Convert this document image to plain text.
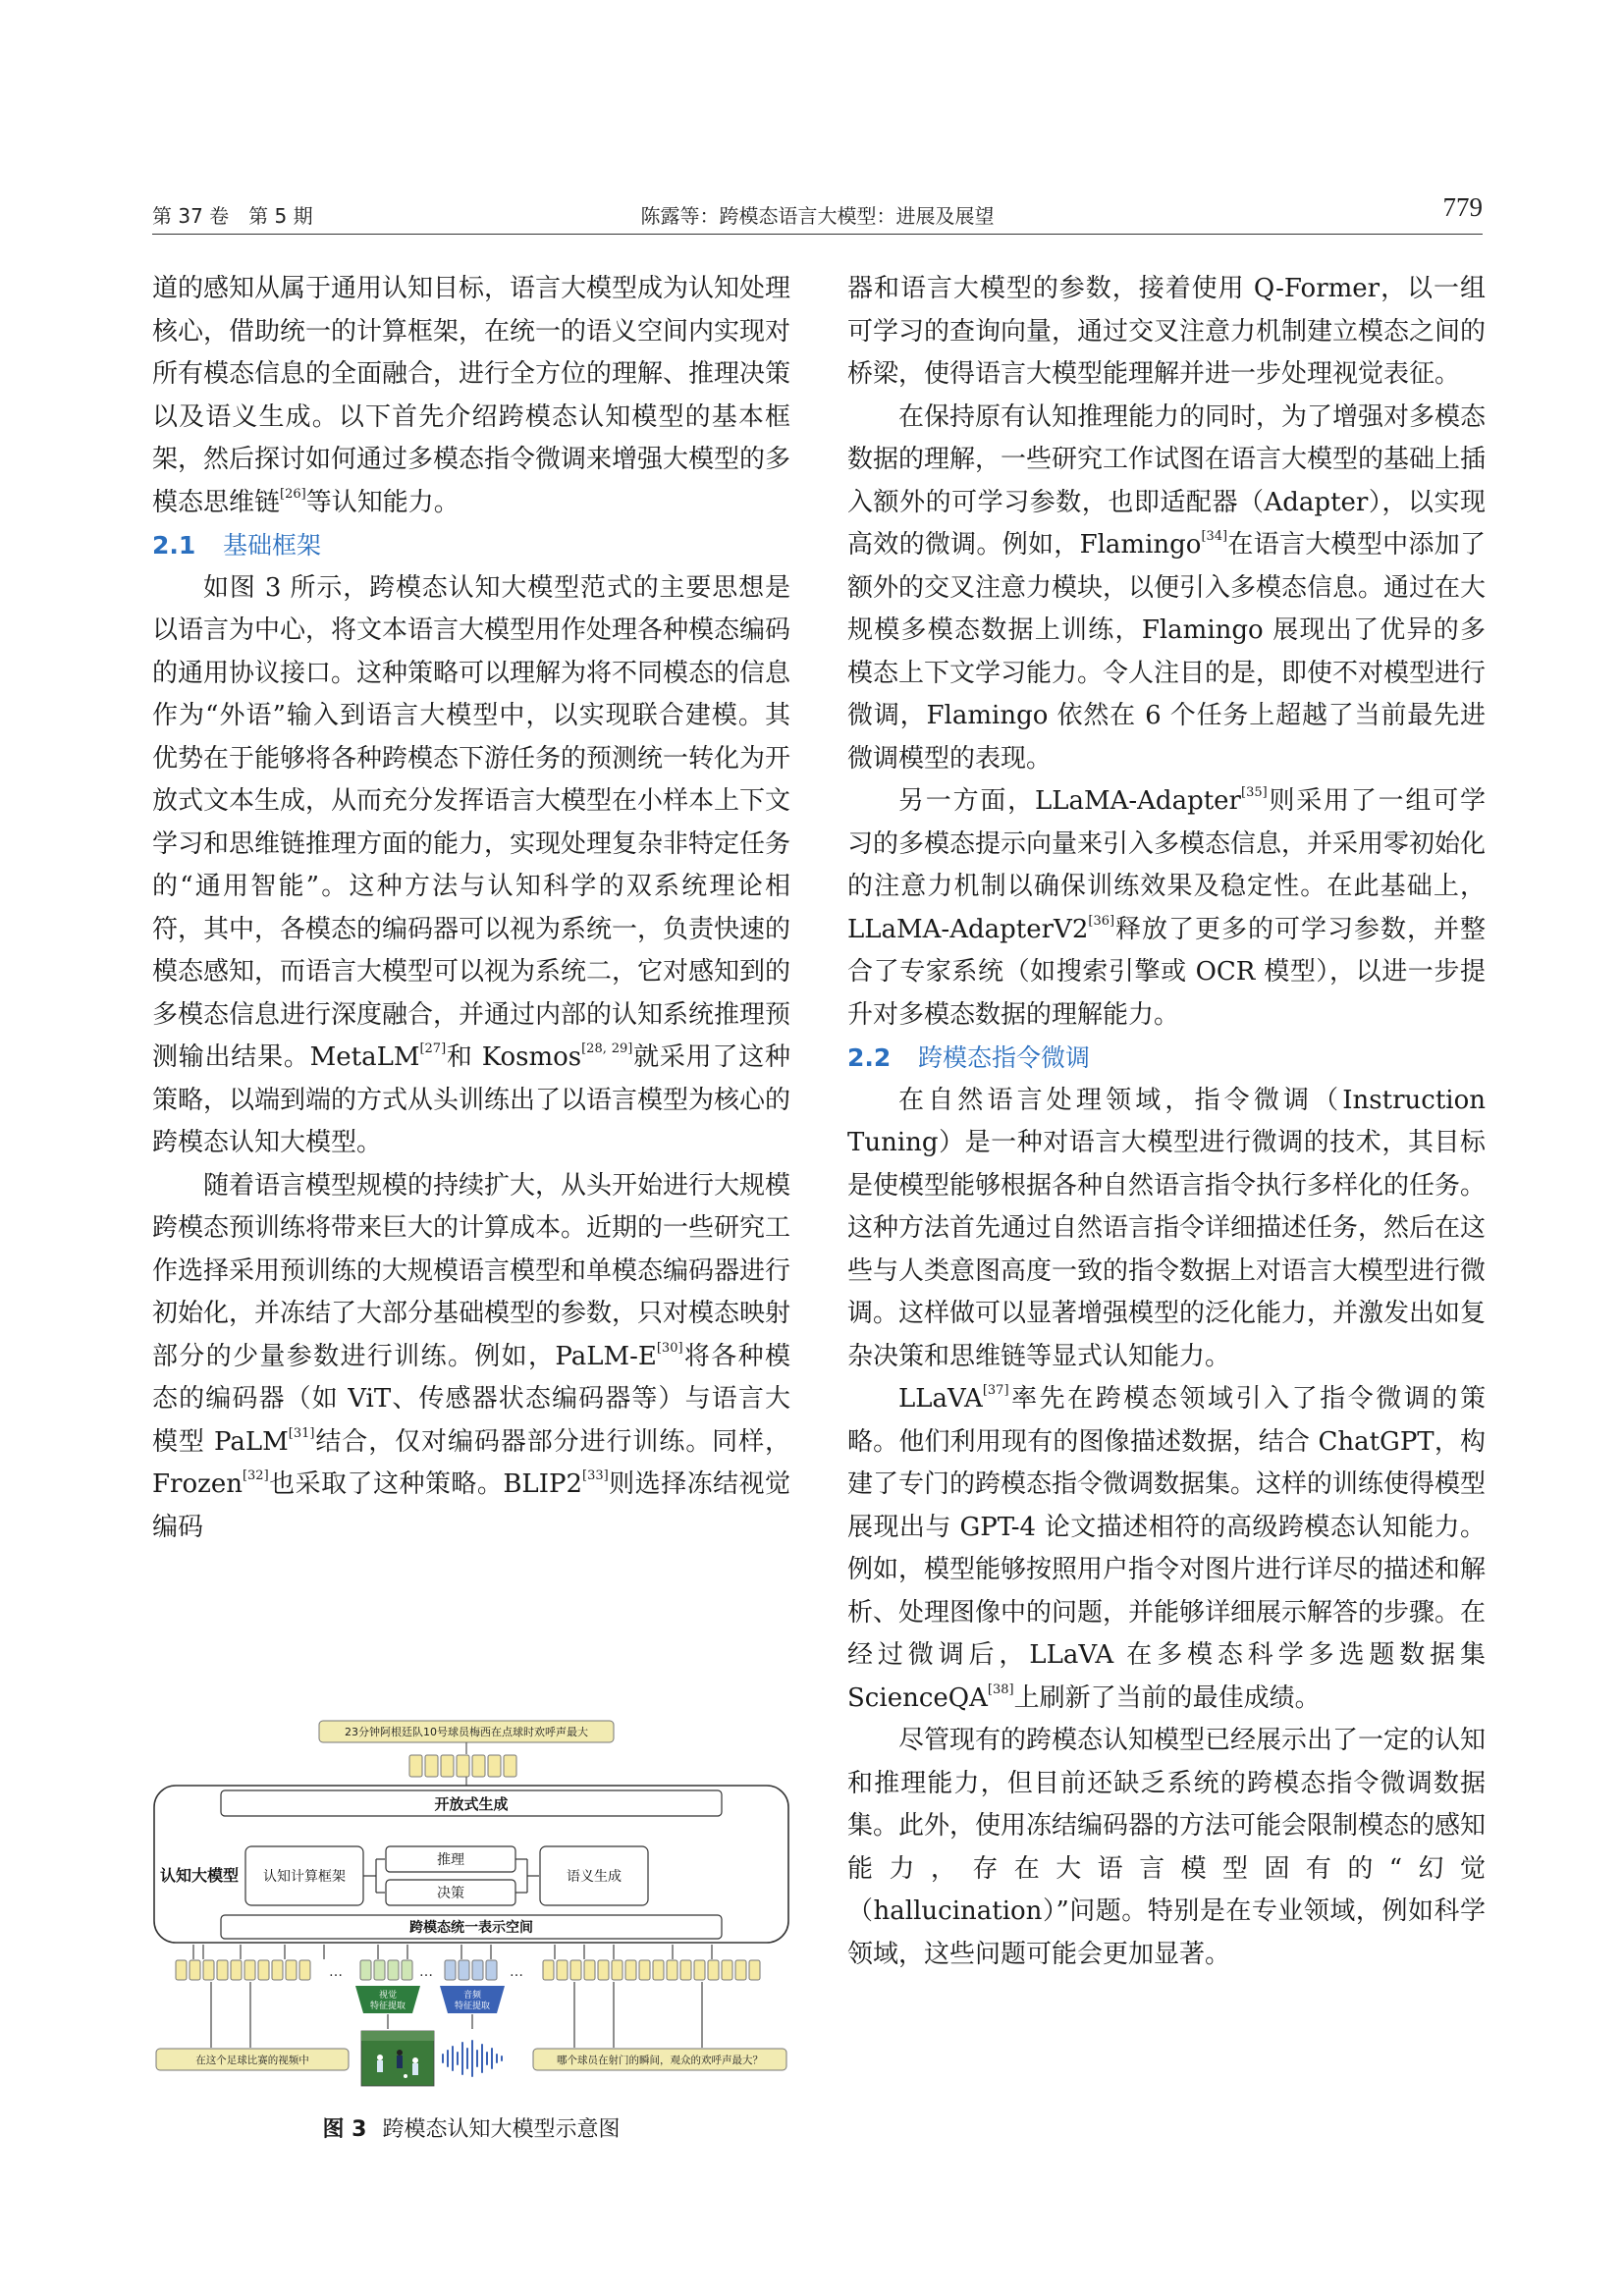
第 37 卷　第 5 期	陈露等：跨模态语言大模型：进展及展望	779

道的感知从属于通用认知目标，语言大模型成为认知处理核心，借助统一的计算框架，在统一的语义空间内实现对所有模态信息的全面融合，进行全方位的理解、推理决策以及语义生成。以下首先介绍跨模态认知模型的基本框架，然后探讨如何通过多模态指令微调来增强大模型的多模态思维链[26]等认知能力。

2.1 基础框架

如图 3 所示，跨模态认知大模型范式的主要思想是以语言为中心，将文本语言大模型用作处理各种模态编码的通用协议接口。这种策略可以理解为将不同模态的信息作为“外语”输入到语言大模型中，以实现联合建模。其优势在于能够将各种跨模态下游任务的预测统一转化为开放式文本生成，从而充分发挥语言大模型在小样本上下文学习和思维链推理方面的能力，实现处理复杂非特定任务的“通用智能”。这种方法与认知科学的双系统理论相符，其中，各模态的编码器可以视为系统一，负责快速的模态感知，而语言大模型可以视为系统二，它对感知到的多模态信息进行深度融合，并通过内部的认知系统推理预测输出结果。MetaLM[27]和 Kosmos[28, 29]就采用了这种策略，以端到端的方式从头训练出了以语言模型为核心的跨模态认知大模型。

随着语言模型规模的持续扩大，从头开始进行大规模跨模态预训练将带来巨大的计算成本。近期的一些研究工作选择采用预训练的大规模语言模型和单模态编码器进行初始化，并冻结了大部分基础模型的参数，只对模态映射部分的少量参数进行训练。例如，PaLM-E[30]将各种模态的编码器（如 ViT、传感器状态编码器等）与语言大模型 PaLM[31]结合，仅对编码器部分进行训练。同样，Frozen[32]也采取了这种策略。BLIP2[33]则选择冻结视觉编码

23分钟阿根廷队10号球员梅西在点球时欢呼声最大
开放式生成
认知大模型 认知计算框架
推理
决策
语义生成
跨模态统一表示空间
…	…	…
视觉
特征提取
音频
特征提取
在这个足球比赛的视频中	哪个球员在射门的瞬间，观众的欢呼声最大？
图 3 跨模态认知大模型示意图

器和语言大模型的参数，接着使用 Q-Former，以一组可学习的查询向量，通过交叉注意力机制建立模态之间的桥梁，使得语言大模型能理解并进一步处理视觉表征。

在保持原有认知推理能力的同时，为了增强对多模态数据的理解，一些研究工作试图在语言大模型的基础上插入额外的可学习参数，也即适配器（Adapter），以实现高效的微调。例如，Flamingo[34]在语言大模型中添加了额外的交叉注意力模块，以便引入多模态信息。通过在大规模多模态数据上训练，Flamingo 展现出了优异的多模态上下文学习能力。令人注目的是，即使不对模型进行微调，Flamingo 依然在 6 个任务上超越了当前最先进微调模型的表现。

另一方面，LLaMA-Adapter[35]则采用了一组可学习的多模态提示向量来引入多模态信息，并采用零初始化的注意力机制以确保训练效果及稳定性。在此基础上，LLaMA-AdapterV2[36]释放了更多的可学习参数，并整合了专家系统（如搜索引擎或 OCR 模型），以进一步提升对多模态数据的理解能力。

2.2 跨模态指令微调

在自然语言处理领域，指令微调（Instruction Tuning）是一种对语言大模型进行微调的技术，其目标是使模型能够根据各种自然语言指令执行多样化的任务。这种方法首先通过自然语言指令详细描述任务，然后在这些与人类意图高度一致的指令数据上对语言大模型进行微调。这样做可以显著增强模型的泛化能力，并激发出如复杂决策和思维链等显式认知能力。

LLaVA[37]率先在跨模态领域引入了指令微调的策略。他们利用现有的图像描述数据，结合 ChatGPT，构建了专门的跨模态指令微调数据集。这样的训练使得模型展现出与 GPT-4 论文描述相符的高级跨模态认知能力。例如，模型能够按照用户指令对图片进行详尽的描述和解析、处理图像中的问题，并能够详细展示解答的步骤。在经过微调后，LLaVA 在多模态科学多选题数据集 ScienceQA[38]上刷新了当前的最佳成绩。

尽管现有的跨模态认知模型已经展示出了一定的认知和推理能力，但目前还缺乏系统的跨模态指令微调数据集。此外，使用冻结编码器的方法可能会限制模态的感知能力，存在大语言模型固有的“幻觉（hallucination）”问题。特别是在专业领域，例如科学领域，这些问题可能会更加显著。
